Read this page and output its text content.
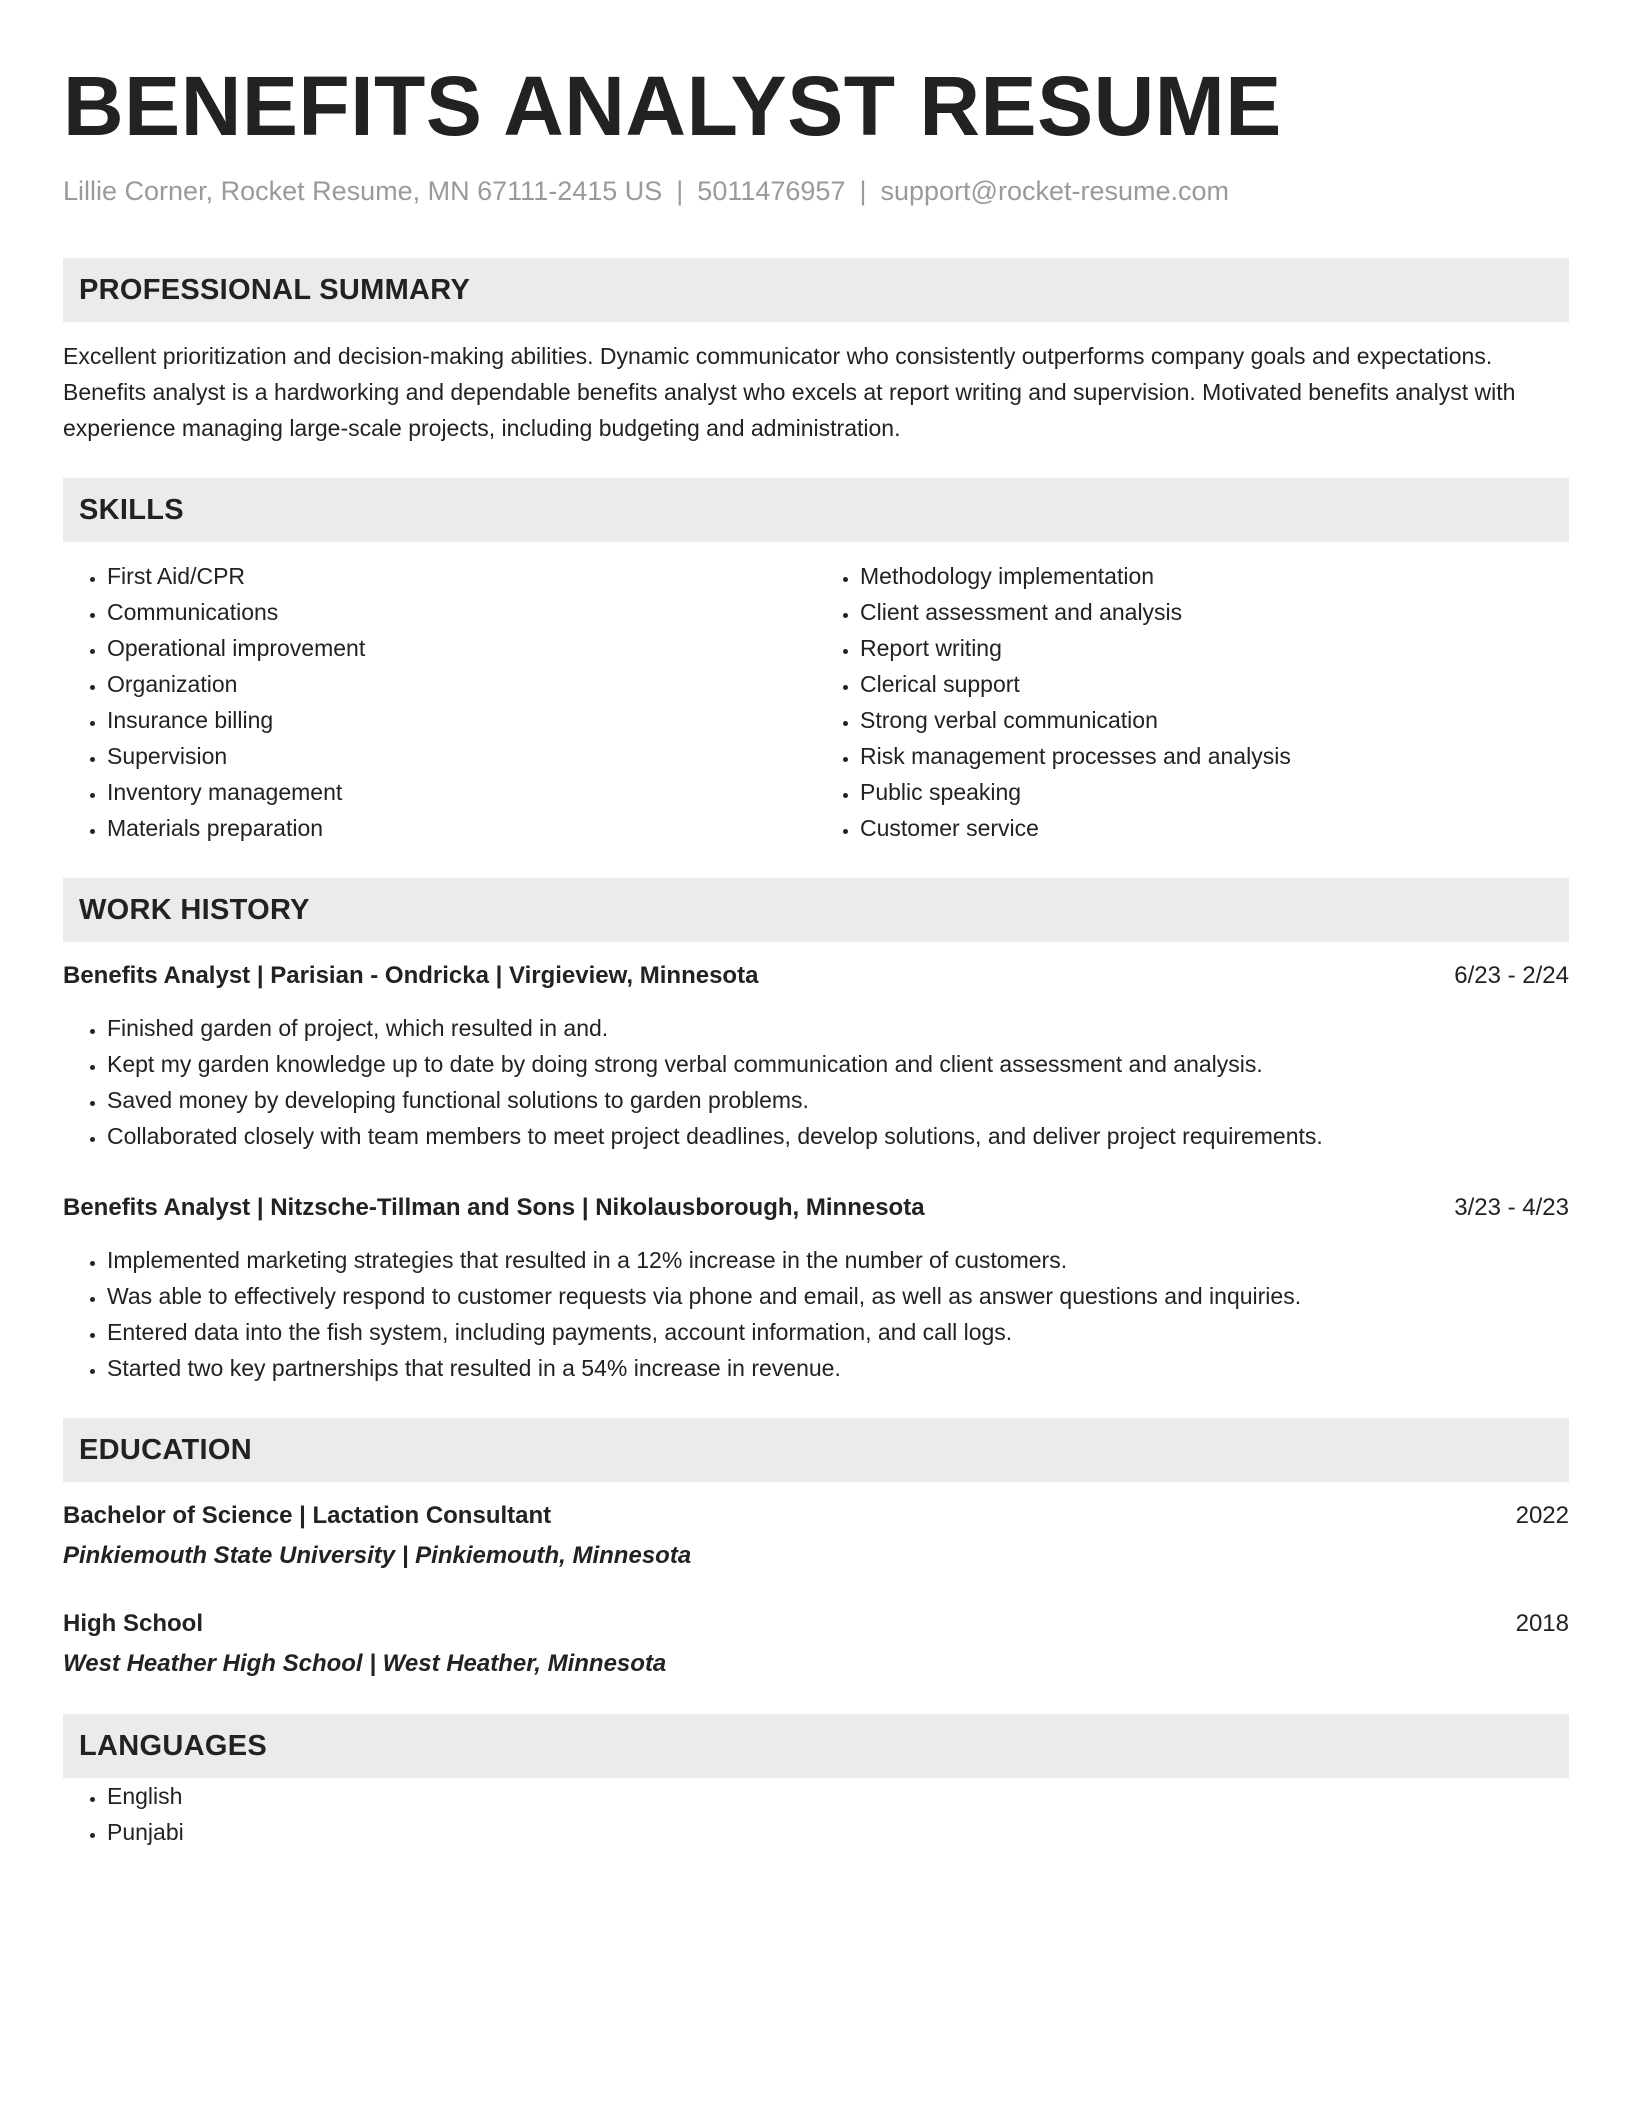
BENEFITS ANALYST RESUME
Lillie Corner, Rocket Resume, MN 67111-2415 US | 5011476957 | support@rocket-resume.com
PROFESSIONAL SUMMARY

Excellent prioritization and decision-making abilities. Dynamic communicator who consistently outperforms company goals and expectations. Benefits analyst is a hardworking and dependable benefits analyst who excels at report writing and supervision. Motivated benefits analyst with experience managing large-scale projects, including budgeting and administration.

SKILLS
• First Aid/CPR
• Communications
• Operational improvement
• Organization
• Insurance billing
• Supervision
• Inventory management
• Materials preparation
• Methodology implementation
• Client assessment and analysis
• Report writing
• Clerical support
• Strong verbal communication
• Risk management processes and analysis
• Public speaking
• Customer service
WORK HISTORY
Benefits Analyst | Parisian - Ondricka | Virgieview, Minnesota	6/23 - 2/24
• Finished garden of project, which resulted in and.
• Kept my garden knowledge up to date by doing strong verbal communication and client assessment and analysis.
• Saved money by developing functional solutions to garden problems.
• Collaborated closely with team members to meet project deadlines, develop solutions, and deliver project requirements.
Benefits Analyst | Nitzsche-Tillman and Sons | Nikolausborough, Minnesota	3/23 - 4/23
• Implemented marketing strategies that resulted in a 12% increase in the number of customers.
• Was able to effectively respond to customer requests via phone and email, as well as answer questions and inquiries.
• Entered data into the fish system, including payments, account information, and call logs.
• Started two key partnerships that resulted in a 54% increase in revenue.
EDUCATION
Bachelor of Science | Lactation Consultant	2022
Pinkiemouth State University | Pinkiemouth, Minnesota
High School	2018
West Heather High School | West Heather, Minnesota
LANGUAGES
• English
• Punjabi
